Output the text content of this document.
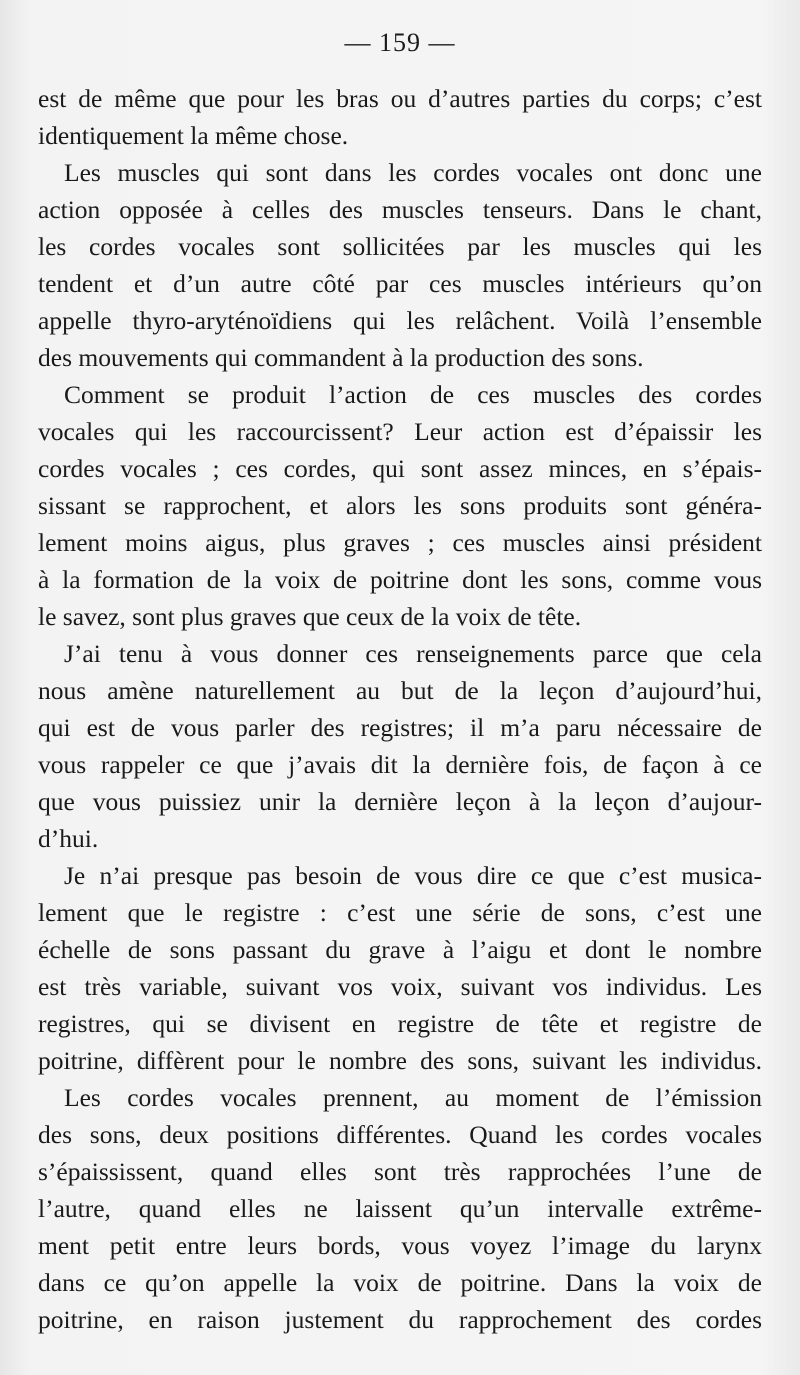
— 159 —
est de même que pour les bras ou d’autres parties du corps; c’est
identiquement la même chose.
Les muscles qui sont dans les cordes vocales ont donc une
action opposée à celles des muscles tenseurs. Dans le chant,
les cordes vocales sont sollicitées par les muscles qui les
tendent et d’un autre côté par ces muscles intérieurs qu’on
appelle thyro-aryténoïdiens qui les relâchent. Voilà l’ensemble
des mouvements qui commandent à la production des sons.
Comment se produit l’action de ces muscles des cordes
vocales qui les raccourcissent? Leur action est d’épaissir les
cordes vocales ; ces cordes, qui sont assez minces, en s’épais-
sissant se rapprochent, et alors les sons produits sont généra-
lement moins aigus, plus graves ; ces muscles ainsi président
à la formation de la voix de poitrine dont les sons, comme vous
le savez, sont plus graves que ceux de la voix de tête.
J’ai tenu à vous donner ces renseignements parce que cela
nous amène naturellement au but de la leçon d’aujourd’hui,
qui est de vous parler des registres; il m’a paru nécessaire de
vous rappeler ce que j’avais dit la dernière fois, de façon à ce
que vous puissiez unir la dernière leçon à la leçon d’aujour-
d’hui.
Je n’ai presque pas besoin de vous dire ce que c’est musica-
lement que le registre : c’est une série de sons, c’est une
échelle de sons passant du grave à l’aigu et dont le nombre
est très variable, suivant vos voix, suivant vos individus. Les
registres, qui se divisent en registre de tête et registre de
poitrine, diffèrent pour le nombre des sons, suivant les individus.
Les cordes vocales prennent, au moment de l’émission
des sons, deux positions différentes. Quand les cordes vocales
s’épaississent, quand elles sont très rapprochées l’une de
l’autre, quand elles ne laissent qu’un intervalle extrême-
ment petit entre leurs bords, vous voyez l’image du larynx
dans ce qu’on appelle la voix de poitrine. Dans la voix de
poitrine, en raison justement du rapprochement des cordes
